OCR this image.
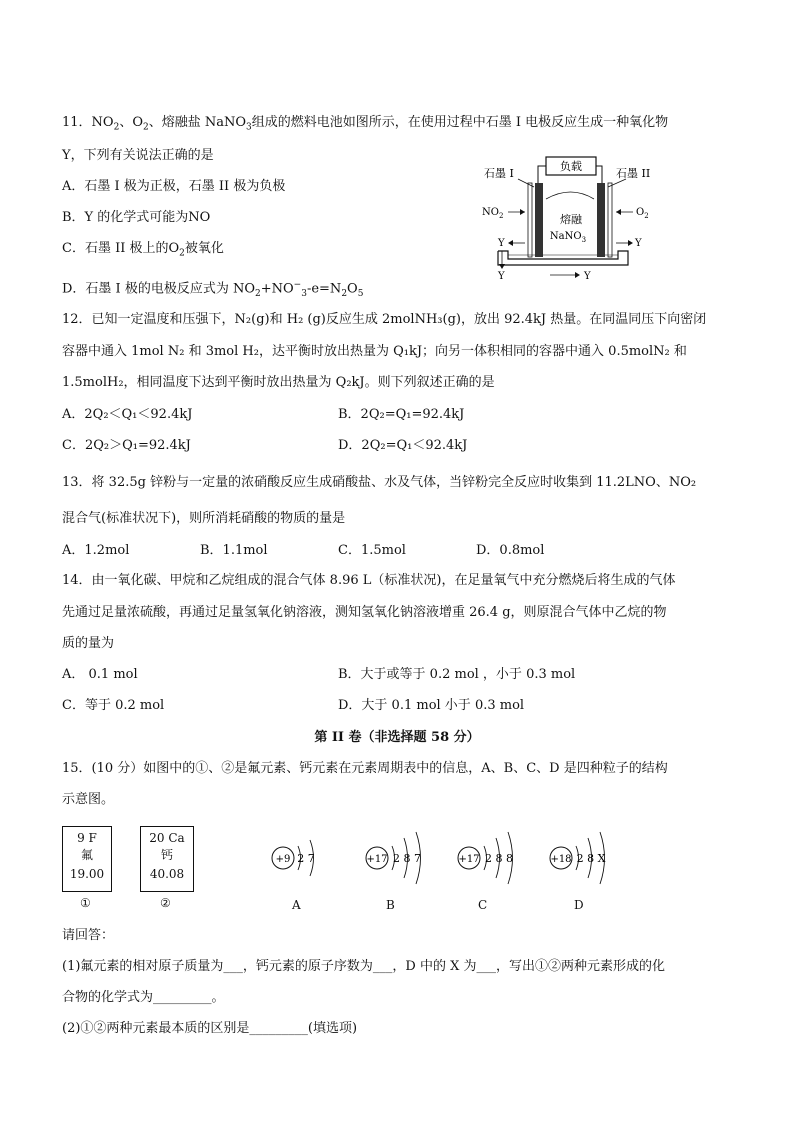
11．$NO_2$、$O_2$、熔融盐 NaNO$_3$组成的燃料电池如图所示，在使用过程中石墨 I 电极反应生成一种氧化物
Y，下列有关说法正确的是
A．石墨 I 极为正极，石墨 II 极为负极
B．Y 的化学式可能为NO
C．石墨 II 极上的$O_2$被氧化
D．石墨 I 极的电极反应式为 $NO_2+NO^-_3-e=N_2O_5$
负载
石墨 I	石墨 II
熔融
NaNO$_3$
$NO_2$	$O_2$
Y	Y
Y	Y
12．已知一定温度和压强下，N₂(g)和 H₂ (g)反应生成 2molNH₃(g)，放出 92.4kJ 热量。在同温同压下向密闭
容器中通入 1mol N₂ 和 3mol H₂，达平衡时放出热量为 Q₁kJ；向另一体积相同的容器中通入 0.5molN₂ 和
1.5molH₂，相同温度下达到平衡时放出热量为 Q₂kJ。则下列叙述正确的是
A．2Q₂＜Q₁＜92.4kJ	B．2Q₂=Q₁=92.4kJ
C．2Q₂＞Q₁=92.4kJ	D．2Q₂=Q₁＜92.4kJ
13．将 32.5g 锌粉与一定量的浓硝酸反应生成硝酸盐、水及气体，当锌粉完全反应时收集到 11.2LNO、NO₂
混合气(标准状况下)，则所消耗硝酸的物质的量是
A．1.2mol	B．1.1mol	C．1.5mol	D．0.8mol
14．由一氧化碳、甲烷和乙烷组成的混合气体 8.96 L（标准状况)，在足量氧气中充分燃烧后将生成的气体
先通过足量浓硫酸，再通过足量氢氧化钠溶液，测知氢氧化钠溶液增重 26.4 g，则原混合气体中乙烷的物
质的量为
A． 0.1 mol	B．大于或等于 0.2 mol ，小于 0.3 mol
C．等于 0.2 mol	D．大于 0.1 mol 小于 0.3 mol
第 II 卷（非选择题 58 分）
15．(10 分）如图中的①、②是氟元素、钙元素在元素周期表中的信息，A、B、C、D 是四种粒子的结构
示意图。
9 F
氟
19.00
①
20 Ca
钙
40.08
②
+9 2 7
A
+17 2 8 7
B
+17 2 8 8
C
+18 2 8 X
D
请回答：
(1)氟元素的相对原子质量为___，钙元素的原子序数为___，D 中的 X 为___，写出①②两种元素形成的化
合物的化学式为_________。
(2)①②两种元素最本质的区别是_________(填选项)
